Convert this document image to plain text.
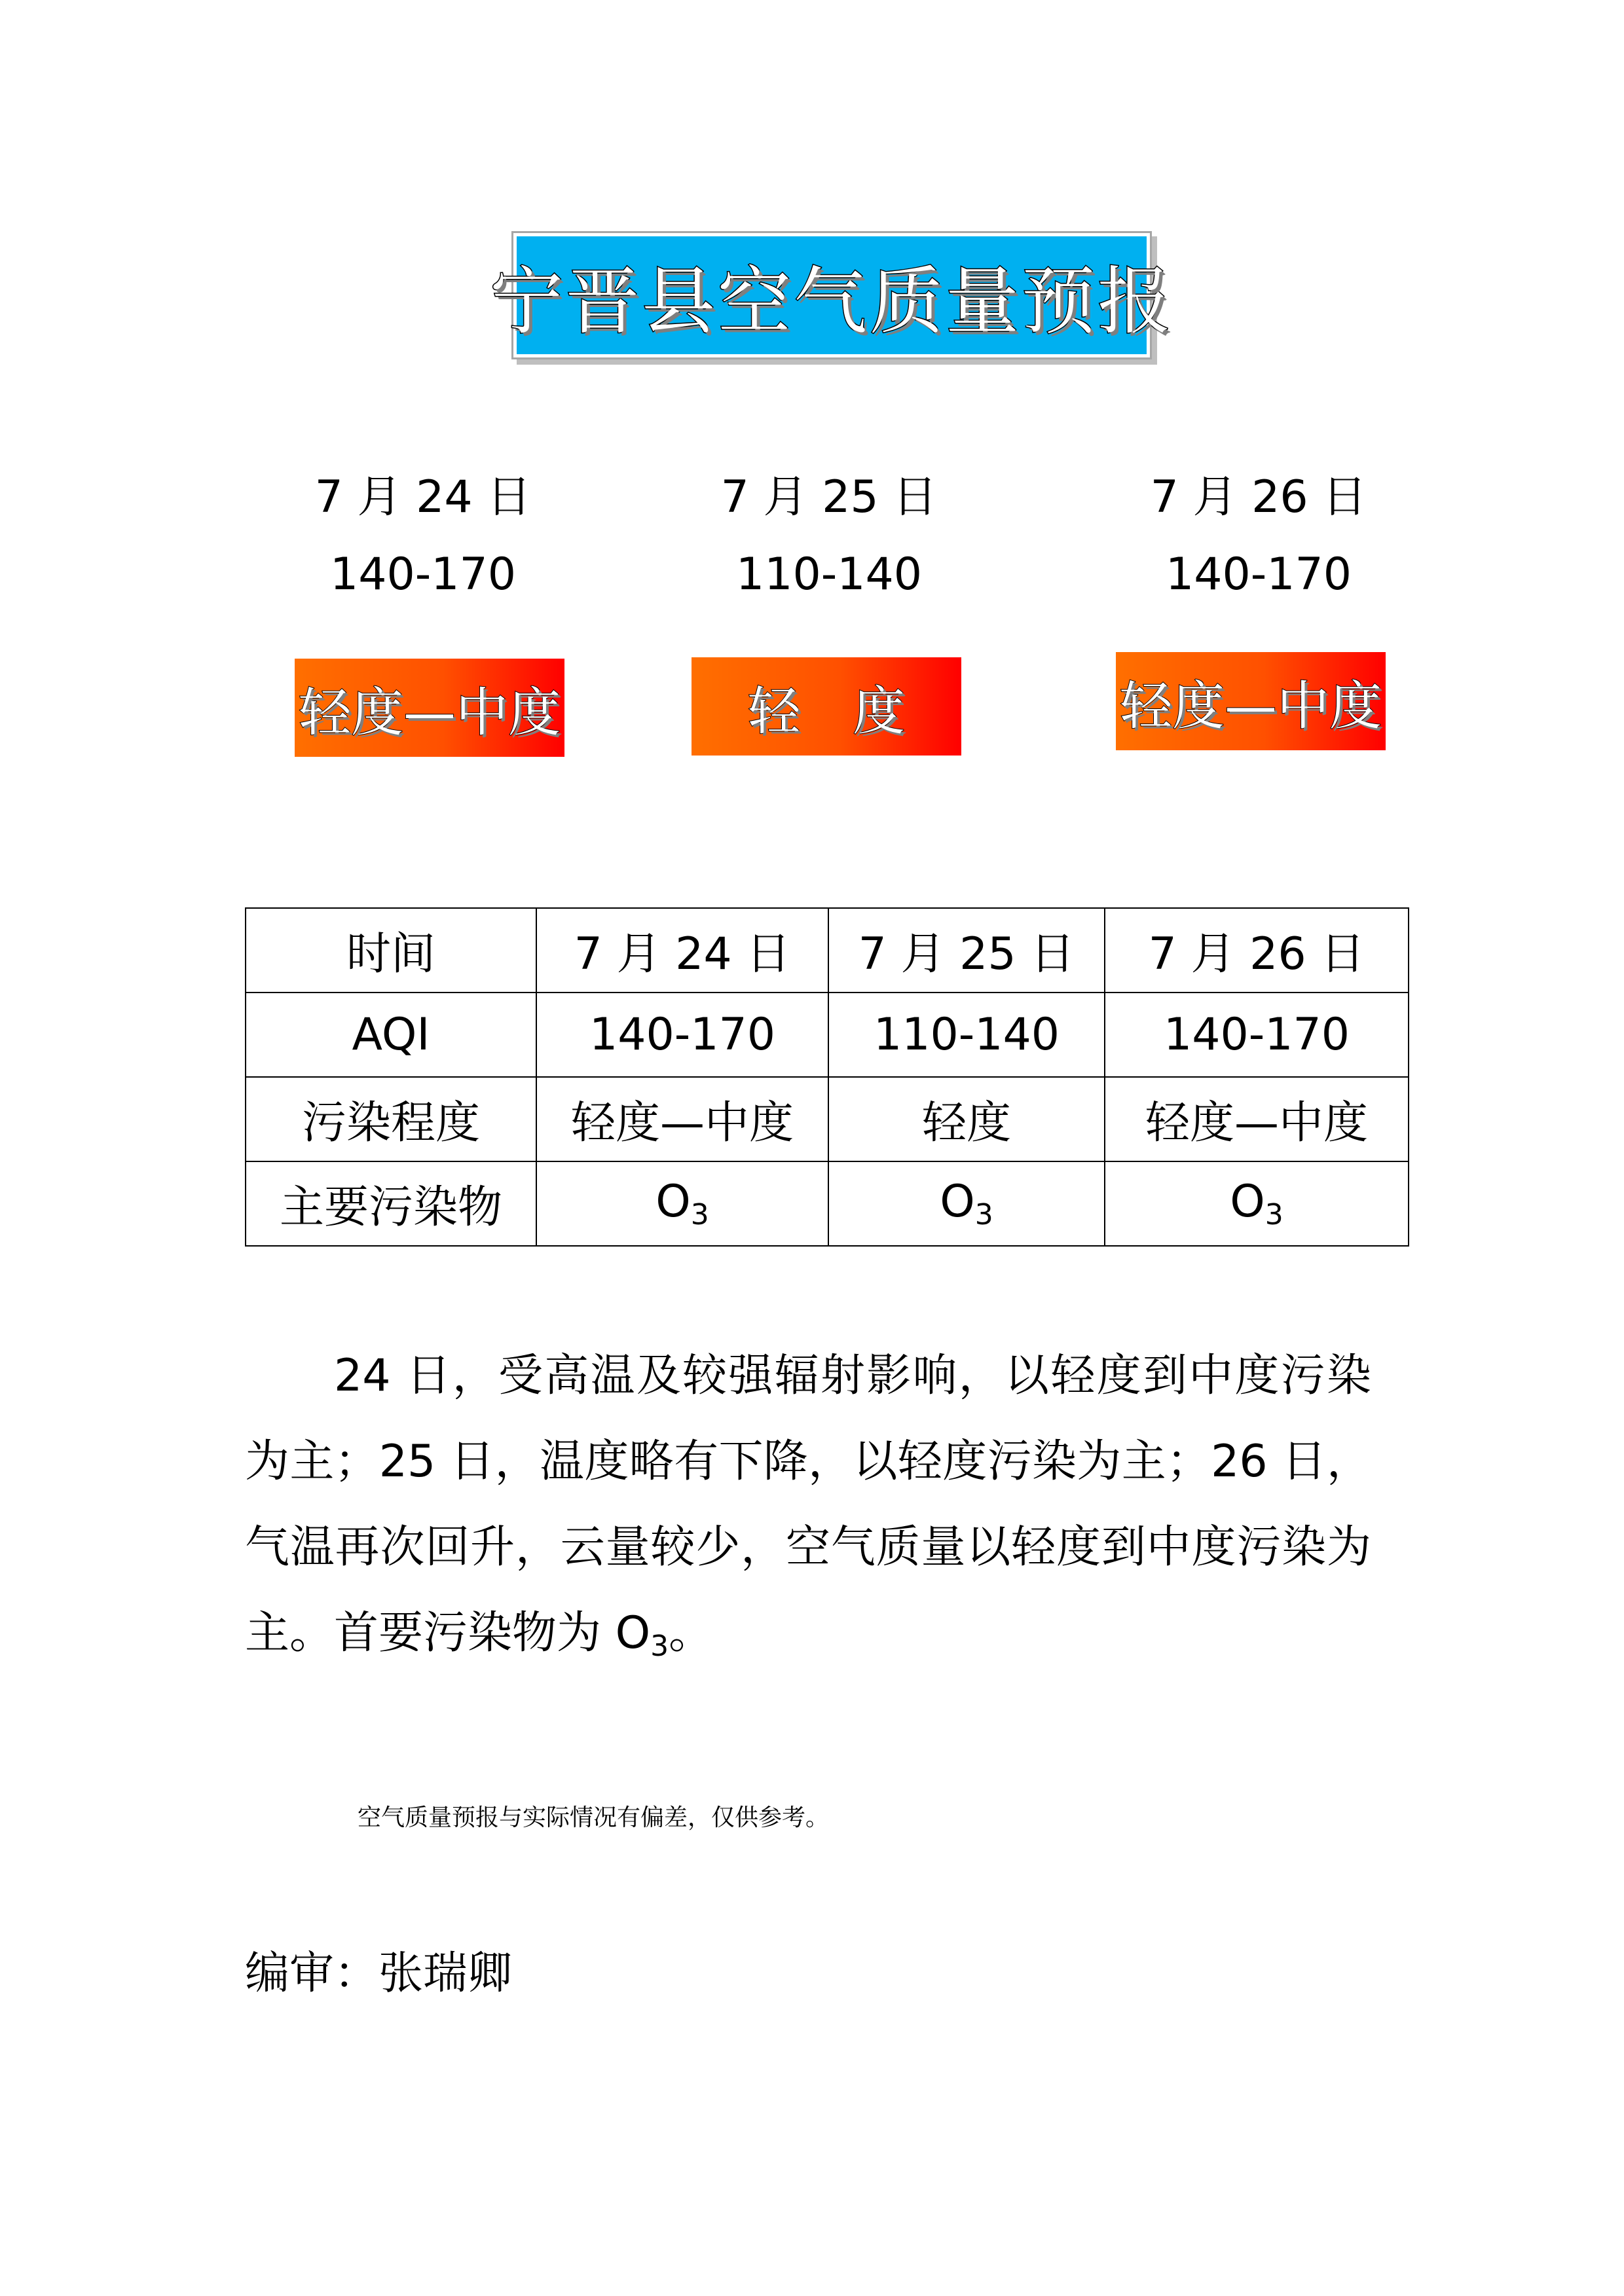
宁晋县空气质量预报
7 月 24 日	7 月 25 日	7 月 26 日
140-170	110-140	140-170
轻度—中度	轻　度	轻度—中度
时间	7 月 24 日	7 月 25 日	7 月 26 日
AQI	140-170	110-140	140-170
污染程度	轻度—中度	轻度	轻度—中度
主要污染物	$O_3$	$O_3$	$O_3$

24 日，受高温及较强辐射影响，以轻度到中度污染为主；25 日，温度略有下降，以轻度污染为主；26 日，气温再次回升，云量较少，空气质量以轻度到中度污染为主。首要污染物为 $O_3$。

空气质量预报与实际情况有偏差，仅供参考。
编审：张瑞卿
